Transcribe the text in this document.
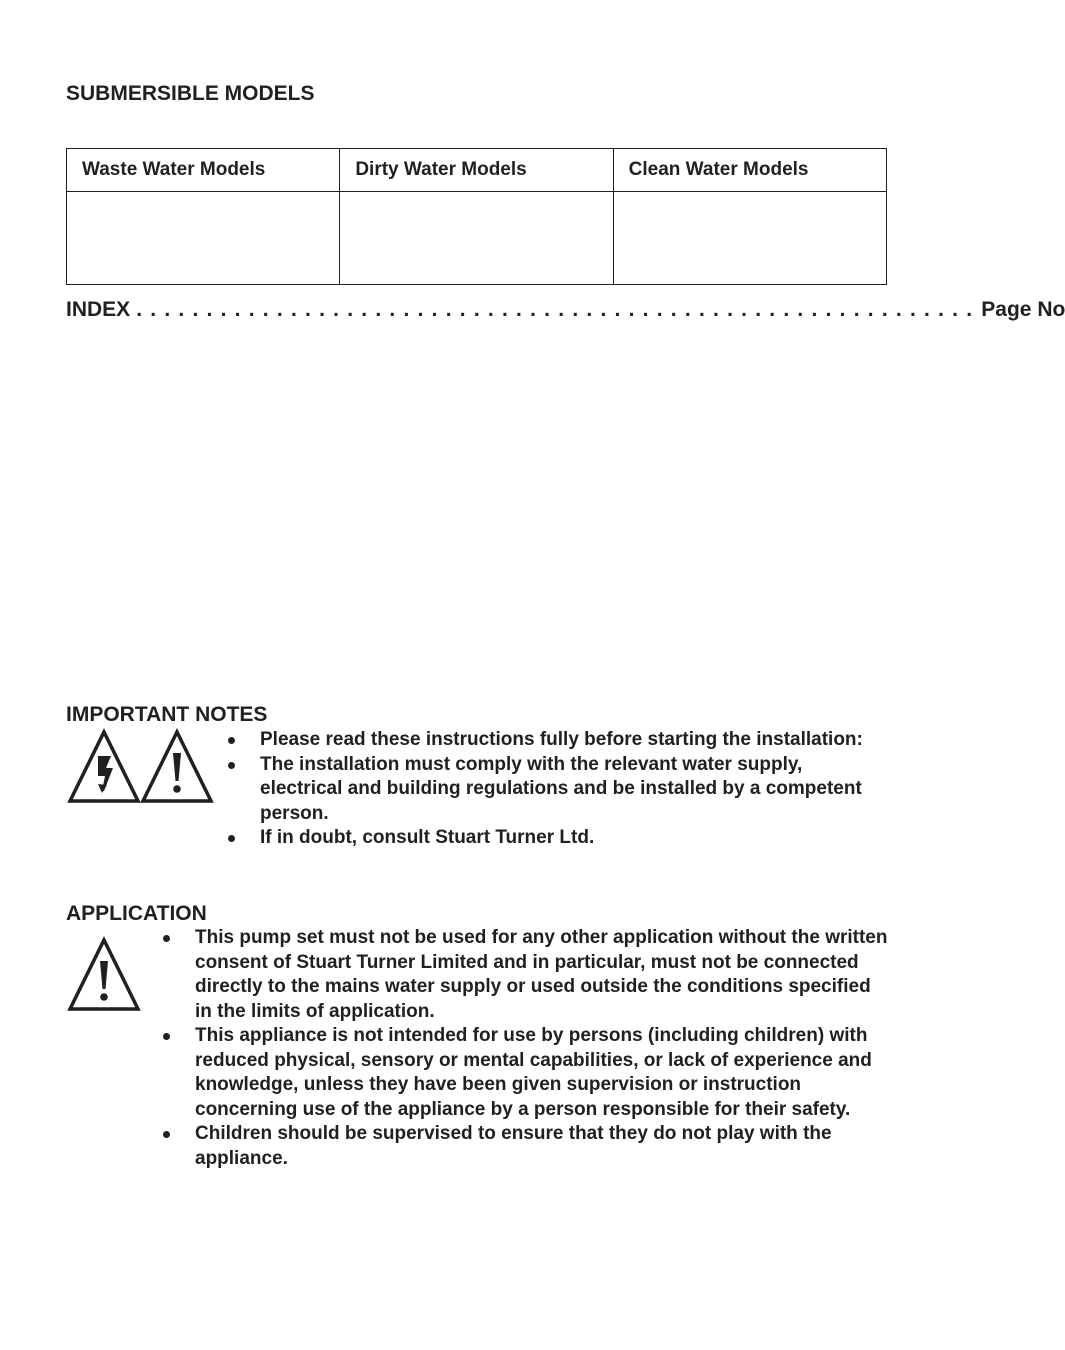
SUBMERSIBLE MODELS
Waste Water Models	Dirty Water Models	Clean Water Models

INDEX . . . . . . . . . . . . . . . . . . . . . . . . . . . . . . . . . . . . . . . . . . . . . . . . . . . . . . . . . . . . Page No
IMPORTANT NOTES
Please read these instructions fully before starting the installation:
The installation must comply with the relevant water supply, electrical and building regulations and be installed by a competent person.
If in doubt, consult Stuart Turner Ltd.
APPLICATION
This pump set must not be used for any other application without the written consent of Stuart Turner Limited and in particular, must not be connected directly to the mains water supply or used outside the conditions specified in the limits of application.
This appliance is not intended for use by persons (including children) with reduced physical, sensory or mental capabilities, or lack of experience and knowledge, unless they have been given supervision or instruction concerning use of the appliance by a person responsible for their safety.
Children should be supervised to ensure that they do not play with the appliance.
